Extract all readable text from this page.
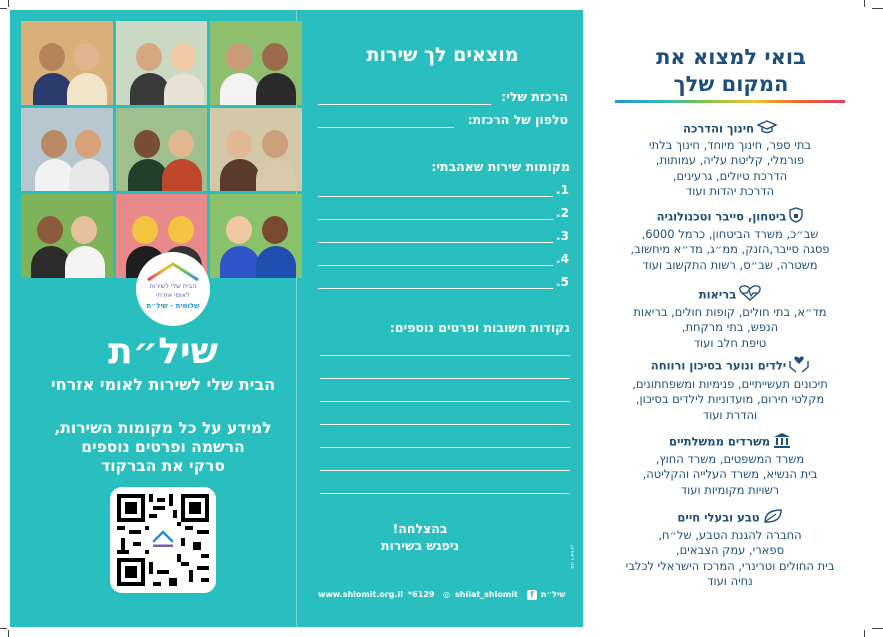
הבית שלי לשירות
לאומי אזרחי
שלומית - שיל״ת
שיל״ת
הבית שלי לשירות לאומי אזרחי
למידע על כל מקומות השירות,
הרשמה ופרטים נוספים
סרקי את הברקוד
www.shlomit.org.il *6129 ◎ shilat_shlomit	f שיל״ת
סט ריצודוע
מוצאים לך שירות
הרכזת שלי:
טלפון של הרכזת:
מקומות שירות שאהבתי:
1.
2.
3.
4.
5.
נקודות חשובות ופרטים נוספים:
בהצלחה!
ניפגש בשירות
בואי למצוא את
המקום שלך
חינוך והדרכה
בתי ספר, חינוך מיוחד, חינוך בלתי
פורמלי, קליטת עליה, עמותות,
הדרכת טיולים, גרעינים,
הדרכת יהדות ועוד
ביטחון, סייבר וטכנולוגיה
שב״כ, משרד הביטחון, כרמל 6000,
פסגה סייבר,הזנק, ממ״ג, מד״א מיחשוב,
משטרה, שב״ס, רשות התקשוב ועוד
בריאות
מד״א, בתי חולים, קופות חולים, בריאות
הנפש, בתי מרקחת,
טיפת חלב ועוד
ילדים ונוער בסיכון ורווחה
תיכונים תעשייתיים, פנימיות ומשפחתונים,
מקלטי חירום, מועדוניות לילדים בסיכון,
והדרת ועוד
משרדים ממשלתיים
משרד המשפטים, משרד החוץ,
בית הנשיא, משרד העלייה והקליטה,
רשויות מקומיות ועוד
טבע ובעלי חיים
החברה להגנת הטבע, של״ח,
ספארי, עמק הצבאים,
בית החולים וטרינרי, המרכז הישראלי לכלבי
נחיה ועוד
